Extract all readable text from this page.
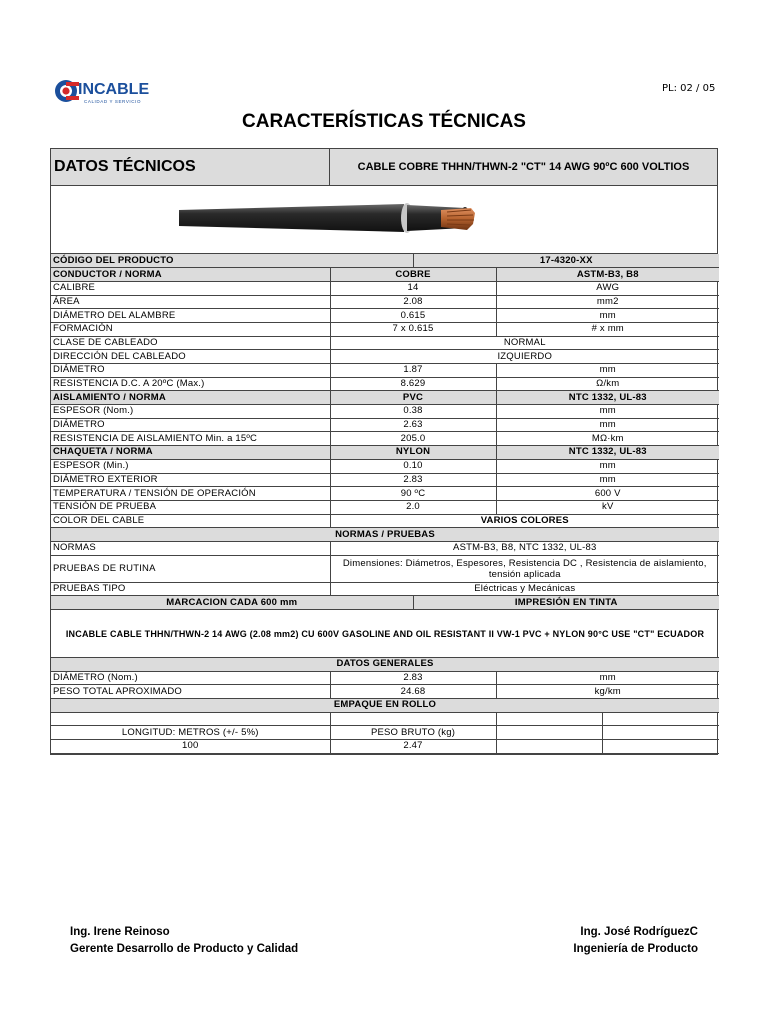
INCABLE
CALIDAD Y SERVICIO
PL: 02 / 05
CARACTERÍSTICAS TÉCNICAS
DATOS TÉCNICOS	CABLE COBRE THHN/THWN-2 "CT" 14 AWG 90ºC 600 VOLTIOS
CÓDIGO DEL PRODUCTO		17-4320-XX		
CONDUCTOR / NORMA	COBRE		ASTM-B3, B8	
CALIBRE	14		AWG	
ÁREA	2.08		mm2	
DIÁMETRO DEL ALAMBRE	0.615		mm	
FORMACIÓN	7 x 0.615		# x mm	
CLASE DE CABLEADO	NORMAL			
DIRECCIÓN DEL CABLEADO	IZQUIERDO			
DIÁMETRO	1.87		mm	
RESISTENCIA D.C. A 20ºC (Max.)	8.629		Ω/km	
AISLAMIENTO / NORMA	PVC		NTC 1332, UL-83	
ESPESOR (Nom.)	0.38		mm	
DIÁMETRO	2.63		mm	
RESISTENCIA DE AISLAMIENTO Min. a 15ºC	205.0		MΩ·km	
CHAQUETA / NORMA	NYLON		NTC 1332, UL-83	
ESPESOR (Min.)	0.10		mm	
DIÁMETRO EXTERIOR	2.83		mm	
TEMPERATURA / TENSIÓN DE OPERACIÓN	90 ºC		600 V	
TENSIÓN DE PRUEBA	2.0		kV	
COLOR DEL CABLE	VARIOS COLORES			
NORMAS / PRUEBAS				
NORMAS	ASTM-B3, B8, NTC 1332, UL-83			
PRUEBAS DE RUTINA	Dimensiones: Diámetros, Espesores, Resistencia DC , Resistencia de aislamiento, tensión aplicada			
PRUEBAS TIPO	Eléctricas y Mecánicas			
MARCACION CADA 600 mm		IMPRESIÓN EN TINTA		
INCABLE CABLE THHN/THWN-2 14 AWG (2.08 mm2) CU 600V GASOLINE AND OIL RESISTANT II VW-1 PVC + NYLON 90°C USE "CT" ECUADOR				
DATOS GENERALES				
DIÁMETRO (Nom.)	2.83		mm	
PESO TOTAL APROXIMADO	24.68		kg/km	
EMPAQUE EN ROLLO				

LONGITUD: METROS (+/- 5%)	PESO BRUTO (kg)			
100	2.47			
Ing. Irene Reinoso
Gerente Desarrollo de Producto y Calidad
Ing. José RodríguezC
Ingeniería de Producto
